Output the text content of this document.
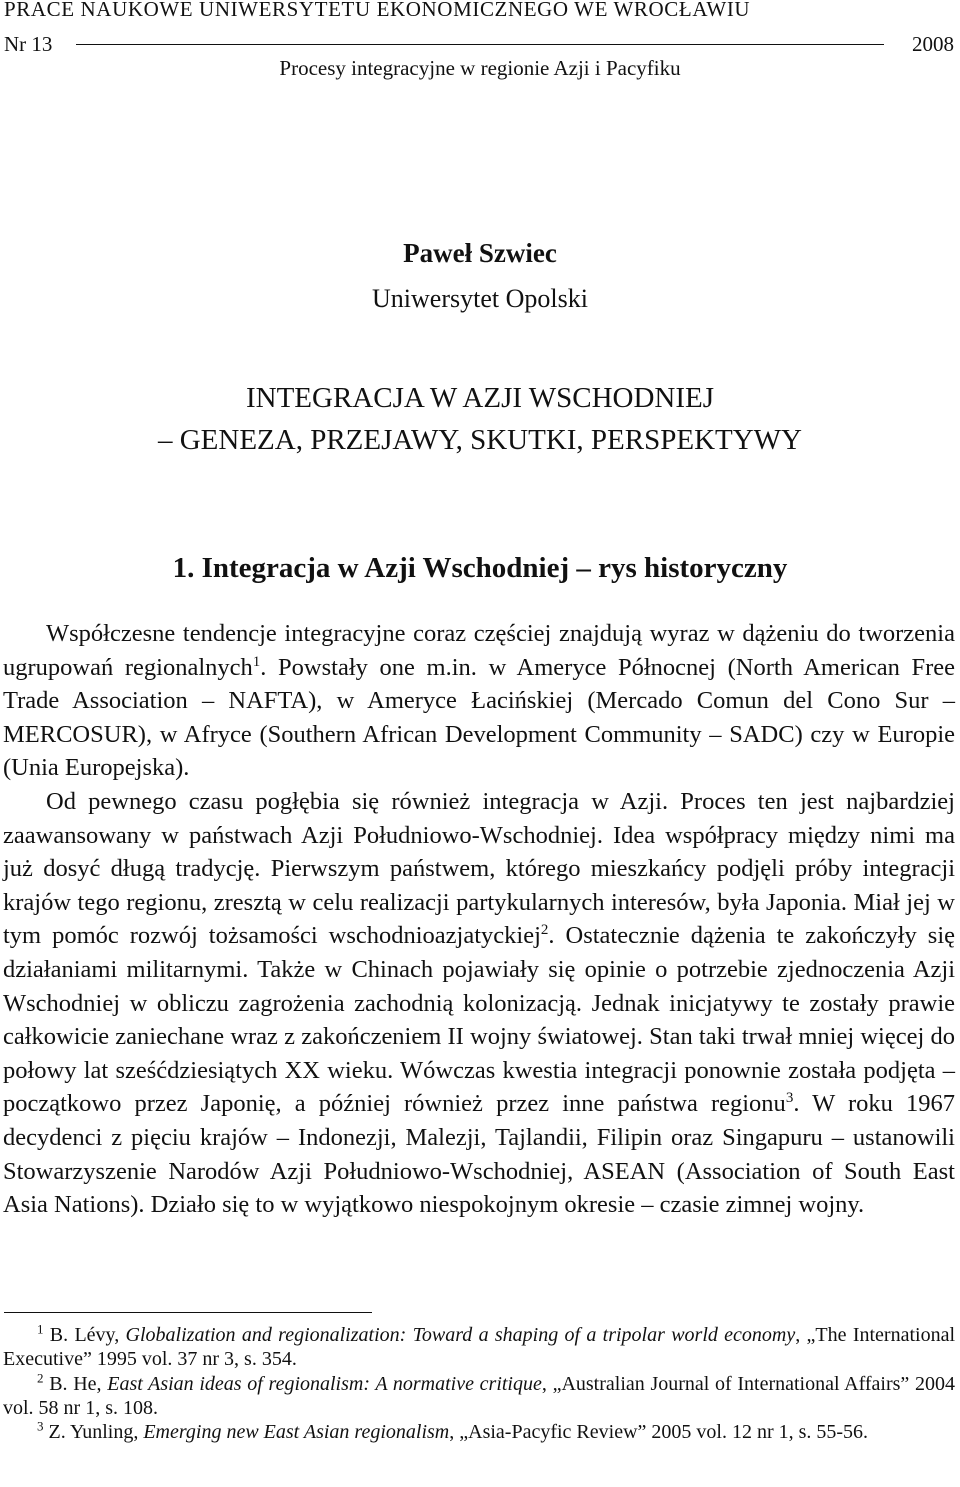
PRACE NAUKOWE UNIWERSYTETU EKONOMICZNEGO WE WROCŁAWIU
Nr 13	2008
Procesy integracyjne w regionie Azji i Pacyfiku
Paweł Szwiec
Uniwersytet Opolski
INTEGRACJA W AZJI WSCHODNIEJ
– GENEZA, PRZEJAWY, SKUTKI, PERSPEKTYWY
1. Integracja w Azji Wschodniej – rys historyczny

Współczesne tendencje integracyjne coraz częściej znajdują wyraz w dążeniu do tworzenia ugrupowań regionalnych$^1$. Powstały one m.in. w Ameryce Północnej (North American Free Trade Association – NAFTA), w Ameryce Łacińskiej (Mercado Comun del Cono Sur – MERCOSUR), w Afryce (Southern African Development Community – SADC) czy w Europie (Unia Europejska).

Od pewnego czasu pogłębia się również integracja w Azji. Proces ten jest najbardziej zaawansowany w państwach Azji Południowo-Wschodniej. Idea współpracy między nimi ma już dosyć długą tradycję. Pierwszym państwem, którego mieszkańcy podjęli próby integracji krajów tego regionu, zresztą w celu realizacji partykularnych interesów, była Japonia. Miał jej w tym pomóc rozwój tożsamości wschodnioazjatyckiej$^2$. Ostatecznie dążenia te zakończyły się działaniami militarnymi. Także w Chinach pojawiały się opinie o potrzebie zjednoczenia Azji Wschodniej w obliczu zagrożenia zachodnią kolonizacją. Jednak inicjatywy te zostały prawie całkowicie zaniechane wraz z zakończeniem II wojny światowej. Stan taki trwał mniej więcej do połowy lat sześćdziesiątych XX wieku. Wówczas kwestia integracji ponownie została podjęta – początkowo przez Japonię, a później również przez inne państwa regionu$^3$. W roku 1967 decydenci z pięciu krajów – Indonezji, Malezji, Tajlandii, Filipin oraz Singapuru – ustanowili Stowarzyszenie Narodów Azji Południowo-Wschodniej, ASEAN (Association of South East Asia Nations). Działo się to w wyjątkowo niespokojnym okresie – czasie zimnej wojny.

$^1$ B. Lévy, Globalization and regionalization: Toward a shaping of a tripolar world economy, „The International Executive” 1995 vol. 37 nr 3, s. 354.

$^2$ B. He, East Asian ideas of regionalism: A normative critique, „Australian Journal of International Affairs” 2004 vol. 58 nr 1, s. 108.

$^3$ Z. Yunling, Emerging new East Asian regionalism, „Asia-Pacyfic Review” 2005 vol. 12 nr 1, s. 55-56.
